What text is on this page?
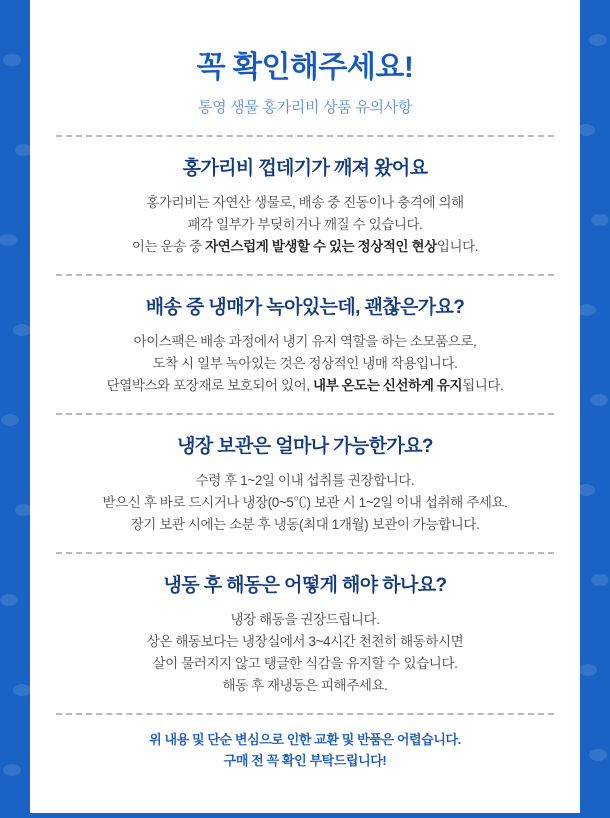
꼭 확인해주세요!
통영 생물 홍가리비 상품 유의사항
홍가리비 껍데기가 깨져 왔어요
홍가리비는 자연산 생물로, 배송 중 진동이나 충격에 의해
패각 일부가 부딪히거나 깨질 수 있습니다.
이는 운송 중 자연스럽게 발생할 수 있는 정상적인 현상입니다.
배송 중 냉매가 녹아있는데, 괜찮은가요?
아이스팩은 배송 과정에서 냉기 유지 역할을 하는 소모품으로,
도착 시 일부 녹아있는 것은 정상적인 냉매 작용입니다.
단열박스와 포장재로 보호되어 있어, 내부 온도는 신선하게 유지됩니다.
냉장 보관은 얼마나 가능한가요?
수령 후 1~2일 이내 섭취를 권장합니다.
받으신 후 바로 드시거나 냉장(0~5℃) 보관 시 1~2일 이내 섭취해 주세요.
장기 보관 시에는 소분 후 냉동(최대 1개월) 보관이 가능합니다.
냉동 후 해동은 어떻게 해야 하나요?
냉장 해동을 권장드립니다.
상온 해동보다는 냉장실에서 3~4시간 천천히 해동하시면
살이 물러지지 않고 탱글한 식감을 유지할 수 있습니다.
해동 후 재냉동은 피해주세요.
위 내용 및 단순 변심으로 인한 교환 및 반품은 어렵습니다.
구매 전 꼭 확인 부탁드립니다!
